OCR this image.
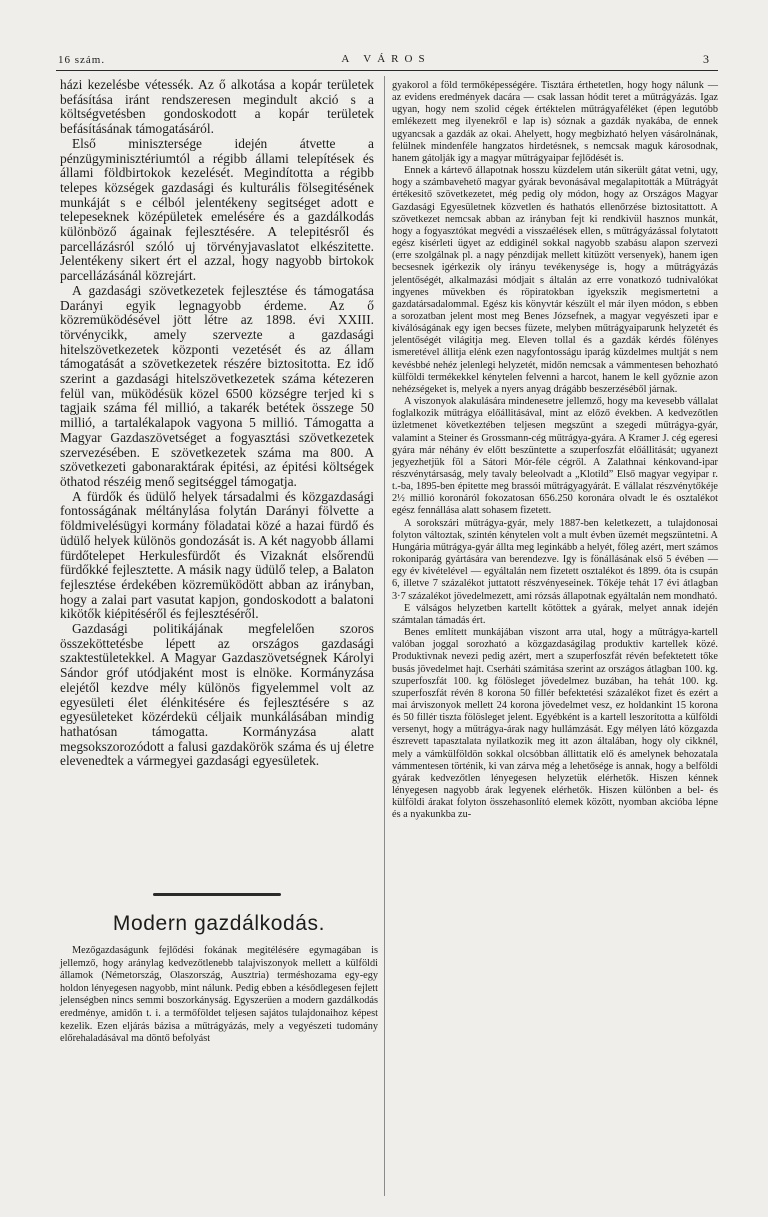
16 szám.	A VÁROS	3

házi kezelésbe vétessék. Az ő alkotása a kopár területek befásítása iránt rendszeresen megindult akció s a költségvetésben gondoskodott a kopár területek befásításának támogatásáról.

Első minisztersége idején átvette a pénzügyminisztériumtól a régibb állami telepítések és állami földbirtokok kezelését. Megindította a régibb telepes községek gazdasági és kulturális fölsegitésének munkáját s e célból jelentékeny segitséget adott e telepeseknek középületek emelésére és a gazdálkodás különböző ágainak fejlesztésére. A telepitésről és parcellázásról szóló uj törvényjavaslatot elkészitette. Jelentékeny sikert ért el azzal, hogy nagyobb birtokok parcellázásánál közrejárt.

A gazdasági szövetkezetek fejlesztése és támogatása Darányi egyik legnagyobb érdeme. Az ő közremüködésével jött létre az 1898. évi XXIII. törvénycikk, amely szervezte a gazdasági hitelszövetkezetek központi vezetését és az állam támogatását a szövetkezetek részére biztositotta. Ez idő szerint a gazdasági hitelszövetkezetek száma kétezeren felül van, müködésük közel 6500 községre terjed ki s tagjaik száma fél millió, a takarék betétek összege 50 millió, a tartalékalapok vagyona 5 millió. Támogatta a Magyar Gazdaszövetséget a fogyasztási szövetkezetek szervezésében. E szövetkezetek száma ma 800. A szövetkezeti gabonaraktárak épitési, az épitési költségek öthatod részéig menő segitséggel támogatja.

A fürdők és üdülő helyek társadalmi és közgazdasági fontosságának méltánylása folytán Darányi fölvette a földmivelésügyi kormány föladatai közé a hazai fürdő és üdülő helyek különös gondozását is. A két nagyobb állami fürdőtelepet Herkulesfürdőt és Vizaknát elsőrendü fürdőkké fejlesztette. A másik nagy üdülő telep, a Balaton fejlesztése érdekében közremüködött abban az irányban, hogy a zalai part vasutat kapjon, gondoskodott a balatoni kikötők kiépitéséről és fejlesztéséről.

Gazdasági politikájának megfelelően szoros összeköttetésbe lépett az országos gazdasági szaktestületekkel. A Magyar Gazdaszövetségnek Károlyi Sándor gróf utódjaként most is elnöke. Kormányzása elejétől kezdve mély különös figyelemmel volt az egyesületi élet élénkitésére és fejlesztésére s az egyesületeket közérdekü céljaik munkálásában mindig hathatósan támogatta. Kormányzása alatt megsokszorozódott a falusi gazdakörök száma és uj életre elevenedtek a vármegyei gazdasági egyesületek.

Modern gazdálkodás.

Mezőgazdaságunk fejlődési fokának megitélésére egymagában is jellemző, hogy aránylag kedvezőtlenebb talajviszonyok mellett a külföldi államok (Németország, Olaszország, Ausztria) terméshozama egy-egy holdon lényegesen nagyobb, mint nálunk. Pedig ebben a késődlegesen fejlett jelenségben nincs semmi boszorkányság. Egyszerüen a modern gazdálkodás eredménye, amidőn t. i. a termőföldet teljesen sajátos tulajdonaihoz képest kezelik. Ezen eljárás bázisa a műtrágyázás, mely a vegyészeti tudomány előrehaladásával ma döntő befolyást

gyakorol a föld termőképességére. Tisztára érthetetlen, hogy hogy nálunk — az evidens eredmények dacára — csak lassan hódit teret a műtrágyázás. Igaz ugyan, hogy nem szolid cégek értéktelen műtrágyaféléket (épen legutóbb emlékezett meg ilyenekről e lap is) sóznak a gazdák nyakába, de ennek ugyancsak a gazdák az okai. Ahelyett, hogy megbizható helyen vásárolnának, felülnek mindenféle hangzatos hirdetésnek, s nemcsak maguk károsodnak, hanem gátolják igy a magyar műtrágyaipar fejlődését is.

Ennek a kártevő állapotnak hosszu küzdelem után sikerült gátat vetni, ugy, hogy a számbavehető magyar gyárak bevonásával megalapitották a Műtrágyát értékesitő szövetkezetet, még pedig oly módon, hogy az Országos Magyar Gazdasági Egyesületnek közvetlen és hathatós ellenőrzése biztositattott. A szövetkezet nemcsak abban az irányban fejt ki rendkivül hasznos munkát, hogy a fogyasztókat megvédi a visszaélések ellen, s műtrágyázással folytatott egész kisérleti ügyet az eddiginél sokkal nagyobb szabásu alapon szervezi (erre szolgálnak pl. a nagy pénzdijak mellett kitüzött versenyek), hanem igen becsesnek igérkezik oly irányu tevékenysége is, hogy a műtrágyázás jelentőségét, alkalmazási módjait s általán az erre vonatkozó tudnivalókat ingyenes müvekben és röpiratokban igyekszik megismertetni a gazdatársadalommal. Egész kis könyvtár készült el már ilyen módon, s ebben a sorozatban jelent most meg Benes Józsefnek, a magyar vegyészeti ipar e kiválóságának egy igen becses füzete, melyben műtrágyaiparunk helyzetét és jelentőségét világitja meg. Eleven tollal és a gazdák kérdés fölényes ismeretével állitja elénk ezen nagyfontosságu iparág küzdelmes multját s nem kevésbbé nehéz jelenlegi helyzetét, midőn nemcsak a vámmentesen behozható külföldi termékekkel kénytelen felvenni a harcot, hanem le kell győznie azon nehézségeket is, melyek a nyers anyag drágább beszerzéséből járnak.

A viszonyok alakulására mindenesetre jellemző, hogy ma kevesebb vállalat foglalkozik műtrágya előállitásával, mint az előző években. A kedvezőtlen üzletmenet következtében teljesen megszünt a szegedi műtrágya-gyár, valamint a Steiner és Grossmann-cég műtrágya-gyára. A Kramer J. cég egeresi gyára már néhány év előtt beszüntette a szuperfoszfát előállitását; ugyanezt jegyezhetjük föl a Sátori Mór-féle cégről. A Zalathnai kénkovand-ipar részvénytársaság, mely tavaly beleolvadt a „Klotild” Első magyar vegyipar r. t.-ba, 1895-ben épitette meg brassói műtrágyagyárát. E vállalat részvénytőkéje 2½ millió koronáról fokozatosan 656.250 koronára olvadt le és osztalékot egész fennállása alatt sohasem fizetett.

A sorokszári műtrágya-gyár, mely 1887-ben keletkezett, a tulajdonosai folyton változtak, szintén kénytelen volt a mult évben üzemét megszüntetni. A Hungária műtrágya-gyár állta meg leginkább a helyét, főleg azért, mert számos rokoniparág gyártására van berendezve. Igy is fönállásának első 5 évében — egy év kivételével — egyáltalán nem fizetett osztalékot és 1899. óta is csupán 6, illetve 7 százalékot juttatott részvényeseinek. Tőkéje tehát 17 évi átlagban 3·7 százalékot jövedelmezett, ami rózsás állapotnak egyáltalán nem mondható.

E válságos helyzetben kartellt kötöttek a gyárak, melyet annak idején számtalan támadás ért.

Benes említett munkájában viszont arra utal, hogy a műtrágya-kartell valóban joggal sorozható a közgazdaságilag produktiv kartellek közé. Produktivnak nevezi pedig azért, mert a szuperfoszfát révén befektetett tőke busás jövedelmet hajt. Cserháti számitása szerint az országos átlagban 100. kg. szuperfoszfát 100. kg fölösleget jövedelmez buzában, ha tehát 100. kg. szuperfoszfát révén 8 korona 50 fillér befektetési százalékot fizet és ezért a mai árviszonyok mellett 24 korona jövedelmet vesz, ez holdankint 15 korona és 50 fillér tiszta fölösleget jelent. Egyébként is a kartell leszorította a külföldi versenyt, hogy a műtrágya-árak nagy hullámzását. Egy mélyen látó közgazda észrevett tapasztalata nyilatkozik meg itt azon általában, hogy oly cikknél, mely a vámkülföldön sokkal olcsóbban állittatik elő és amelynek behozatala vámmentesen történik, ki van zárva még a lehetősége is annak, hogy a belföldi gyárak kedvezőtlen lényegesen helyzetük elérhetők. Hiszen kénnek lényegesen nagyobb árak legyenek elérhetők. Hiszen különben a bel- és külföldi árakat folyton összehasonlító elemek között, nyomban akcióba lépne és a nyakunkba zu-
